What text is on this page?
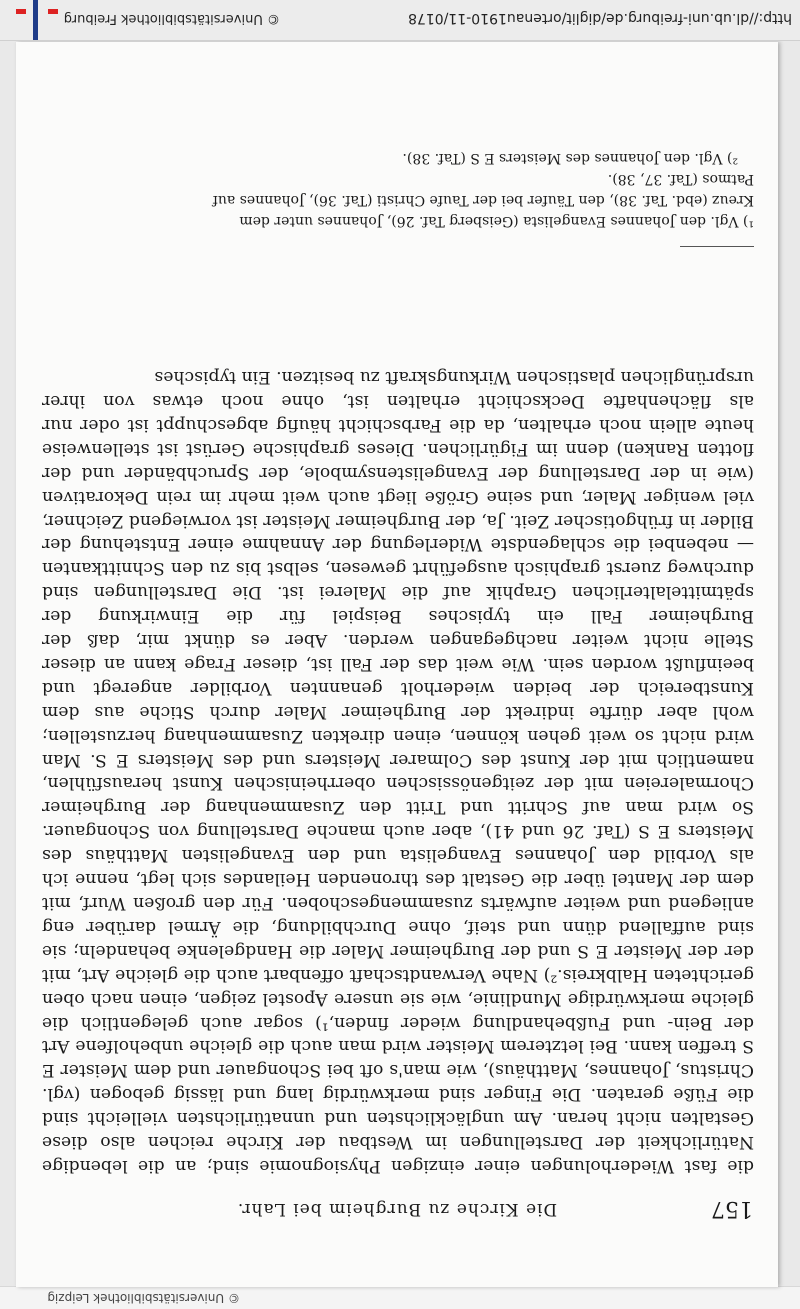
© Universitätsbibliothek Leipzig

157

Die Kirche zu Burgheim bei Lahr.

die fast Wiederholungen einer einzigen Physiognomie sind; an die lebendige Natürlichkeit der Darstellungen im Westbau der Kirche reichen also diese Gestalten nicht heran. Am ungläcklichsten und unnatürlichsten vielleicht sind die Füße geraten. Die Finger sind merkwürdig lang und lässig gebogen (vgl. Christus, Johannes, Matthäus), wie man's oft bei Schongauer und dem Meister E S treffen kann. Bei letzterem Meister wird man auch die gleiche unbeholfene Art der Bein- und Fußbehandlung wieder finden,¹) sogar auch gelegentlich die gleiche merkwürdige Mundlinie, wie sie unsere Apostel zeigen, einen nach oben gerichteten Halbkreis.²) Nahe Verwandtschaft offenbart auch die gleiche Art, mit der der Meister E S und der Burgheimer Maler die Handgelenke behandeln; sie sind auffallend dünn und steif, ohne Durchbildung, die Ärmel darüber eng anliegend und weiter aufwärts zusammengeschoben. Für den großen Wurf, mit dem der Mantel über die Gestalt des thronenden Heilandes sich legt, nenne ich als Vorbild den Johannes Evangelista und den Evangelisten Matthäus des Meisters E S (Taf. 26 und 41), aber auch manche Darstellung von Schongauer. So wird man auf Schritt und Tritt den Zusammenhang der Burgheimer Chormalereien mit der zeitgenössischen oberrheinischen Kunst herausfühlen, namentlich mit der Kunst des Colmarer Meisters und des Meisters E S. Man wird nicht so weit gehen können, einen direkten Zusammenhang herzustellen; wohl aber dürfte indirekt der Burgheimer Maler durch Stiche aus dem Kunstbereich der beiden wiederholt genannten Vorbilder angeregt und beeinflußt worden sein. Wie weit das der Fall ist, dieser Frage kann an dieser Stelle nicht weiter nachgegangen werden. Aber es dünkt mir, daß der Burgheimer Fall ein typisches Beispiel für die Einwirkung der spätmittelalterlichen Graphik auf die Malerei ist. Die Darstellungen sind durchweg zuerst graphisch ausgeführt gewesen, selbst bis zu den Schnittkanten — nebenbei die schlagendste Widerlegung der Annahme einer Entstehung der Bilder in frühgotischer Zeit. Ja, der Burgheimer Meister ist vorwiegend Zeichner, viel weniger Maler, und seine Größe liegt auch weit mehr im rein Dekorativen (wie in der Darstellung der Evangelistensymbole, der Spruchbänder und der flotten Ranken) denn im Figürlichen. Dieses graphische Gerüst ist stellenweise heute allein noch erhalten, da die Farbschicht häufig abgeschuppt ist oder nur als flächenhafte Deckschicht erhalten ist, ohne noch etwas von ihrer ursprünglichen plastischen Wirkungskraft zu besitzen. Ein typisches

¹) Vgl. den Johannes Evangelista (Geisberg Taf. 26), Johannes unter dem

Kreuz (ebd. Taf. 38), den Täufer bei der Taufe Christi (Taf. 36), Johannes auf

Patmos (Taf. 37, 38).

²) Vgl. den Johannes des Meisters E S (Taf. 38).

http://dl.ub.uni-freiburg.de/diglit/ortenau1910-11/0178
© Universitätsbibliothek Freiburg
